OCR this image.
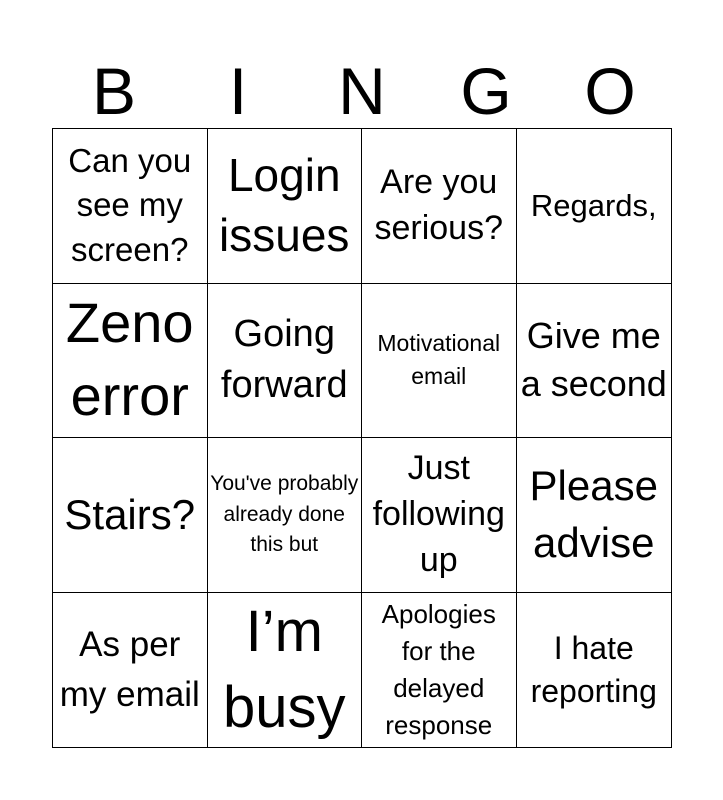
B	I	N	G	O
Can you see my screen?
Login issues
Are you serious?
Regards,
Zeno error
Going forward
Motivational email
Give me a second
Stairs?
You've probably already done this but
Just following up
Please advise
As per my email
I’m busy
Apologies for the delayed response
I hate reporting
